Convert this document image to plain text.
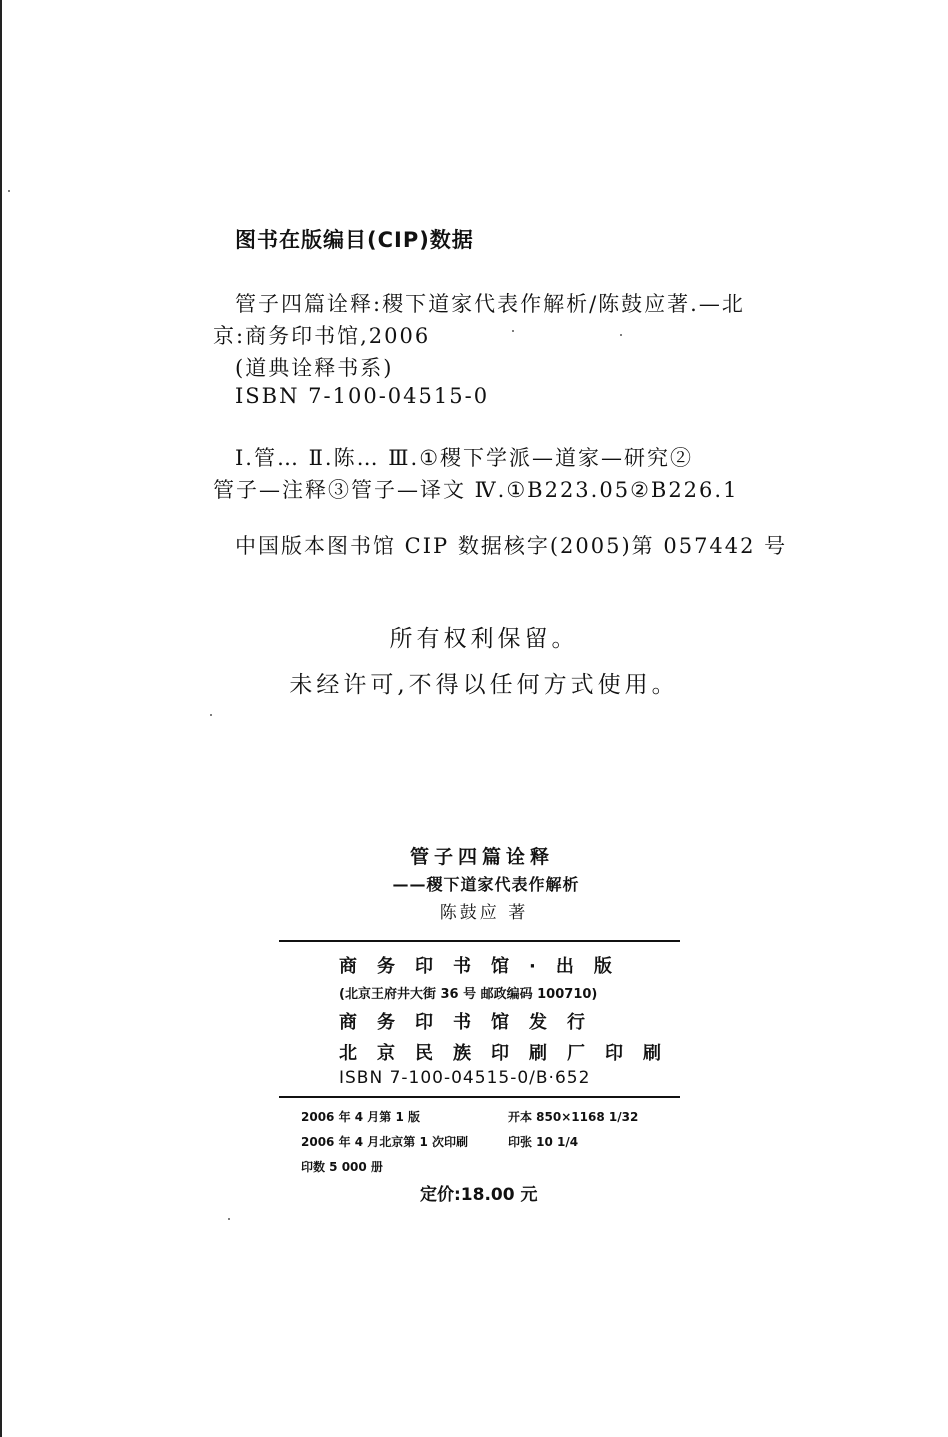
图书在版编目(CIP)数据
管子四篇诠释:稷下道家代表作解析/陈鼓应著.—北
京:商务印书馆,2006
(道典诠释书系)
ISBN 7-100-04515-0
Ⅰ.管… Ⅱ.陈… Ⅲ.①稷下学派—道家—研究②
管子—注释③管子—译文 Ⅳ.①B223.05②B226.1
中国版本图书馆 CIP 数据核字(2005)第 057442 号
所有权利保留。
未经许可,不得以任何方式使用。
管子四篇诠释
——稷下道家代表作解析
陈鼓应 著
商务印书馆·出版
(北京王府井大街 36 号 邮政编码 100710)
商务印书馆发行
北京民族印刷厂印刷
ISBN 7-100-04515-0/B·652
2006 年 4 月第 1 版	开本 850×1168 1/32
2006 年 4 月北京第 1 次印刷	印张 10 1/4
印数 5 000 册
定价:18.00 元
